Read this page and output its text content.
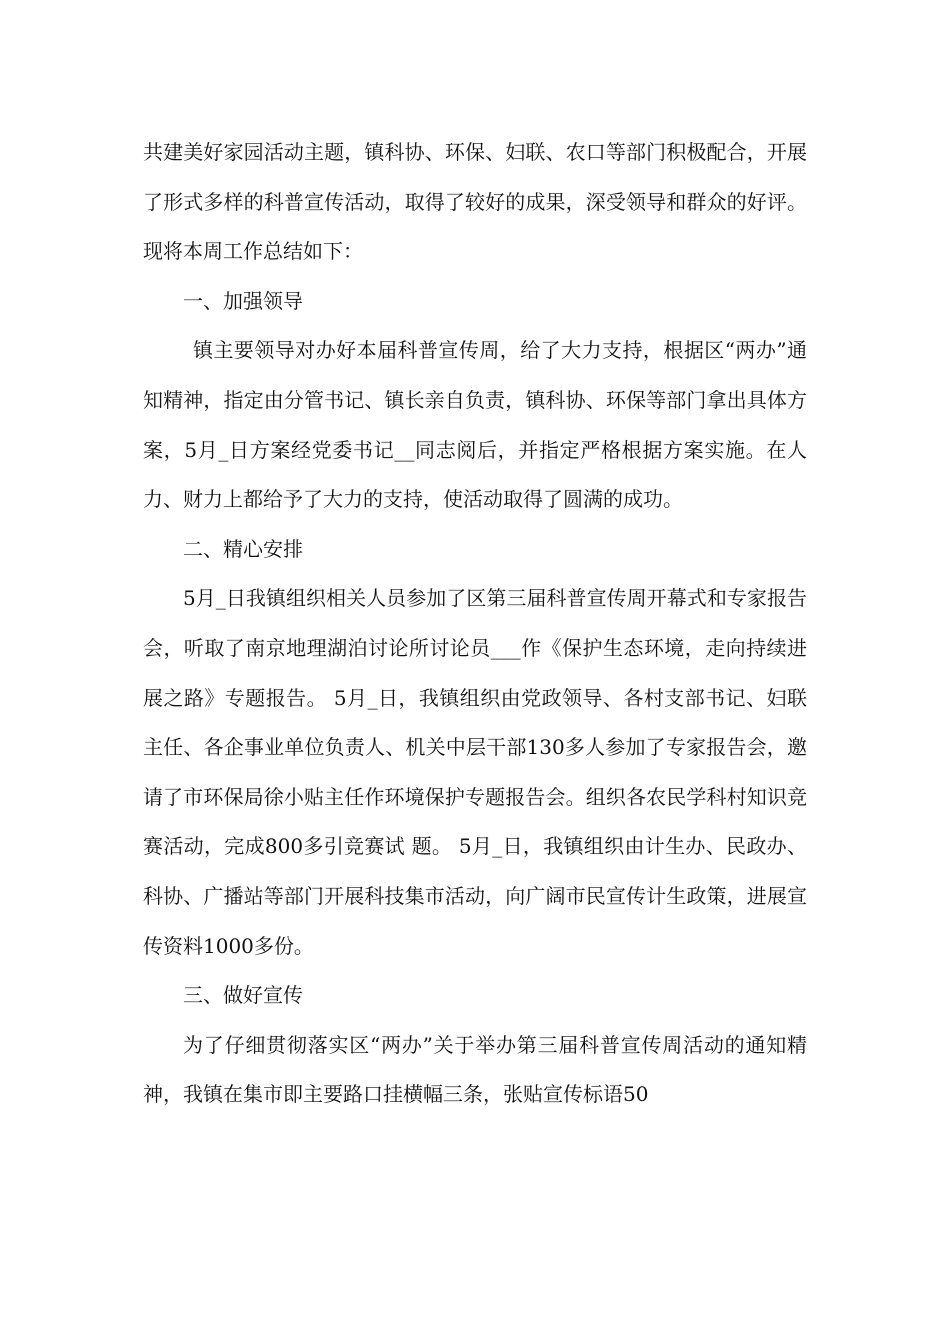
共建美好家园活动主题，镇科协、环保、妇联、农口等部门积极配合，开展了形式多样的科普宣传活动，取得了较好的成果，深受领导和群众的好评。现将本周工作总结如下：

一、加强领导

镇主要领导对办好本届科普宣传周，给了大力支持，根据区“两办”通知精神，指定由分管书记、镇长亲自负责，镇科协、环保等部门拿出具体方案，5月_日方案经党委书记__同志阅后，并指定严格根据方案实施。在人力、财力上都给予了大力的支持，使活动取得了圆满的成功。

二、精心安排

5月_日我镇组织相关人员参加了区第三届科普宣传周开幕式和专家报告会，听取了南京地理湖泊讨论所讨论员___作《保护生态环境，走向持续进展之路》专题报告。 5月_日，我镇组织由党政领导、各村支部书记、妇联主任、各企事业单位负责人、机关中层干部130多人参加了专家报告会，邀请了市环保局徐小贴主任作环境保护专题报告会。组织各农民学科村知识竞赛活动，完成800多引竞赛试 题。 5月_日，我镇组织由计生办、民政办、科协、广播站等部门开展科技集市活动，向广阔市民宣传计生政策，进展宣传资料1000多份。

三、做好宣传

为了仔细贯彻落实区“两办”关于举办第三届科普宣传周活动的通知精神，我镇在集市即主要路口挂横幅三条，张贴宣传标语50
